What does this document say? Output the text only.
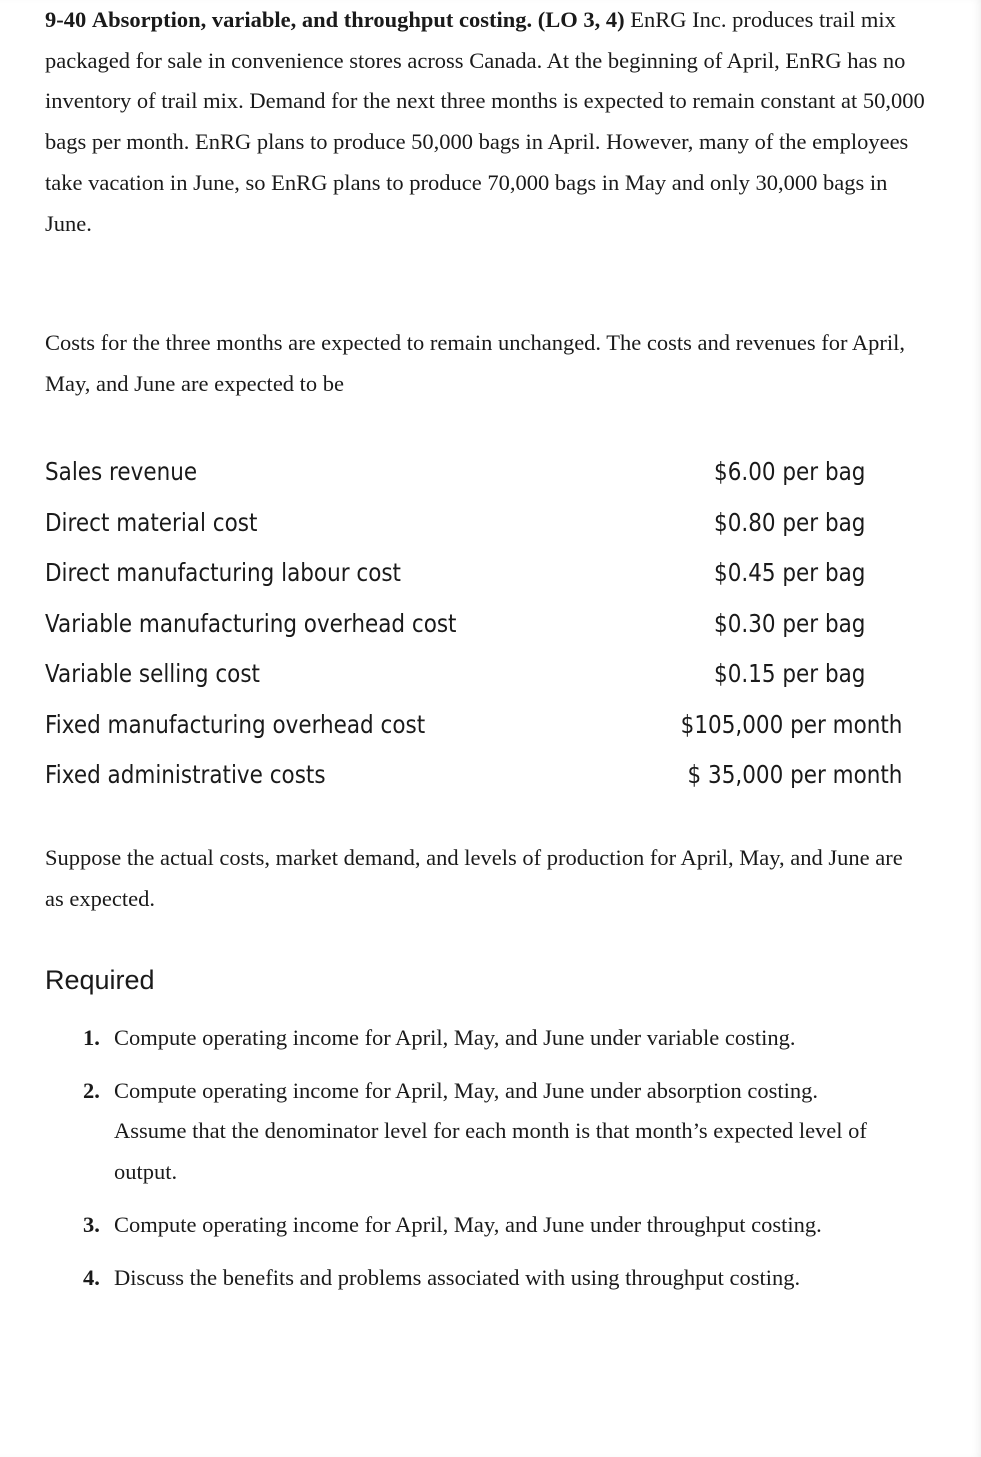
9-40 Absorption, variable, and throughput costing. (LO 3, 4) EnRG Inc. produces trail mix packaged for sale in convenience stores across Canada. At the beginning of April, EnRG has no inventory of trail mix. Demand for the next three months is expected to remain constant at 50,000 bags per month. EnRG plans to produce 50,000 bags in April. However, many of the employees take vacation in June, so EnRG plans to produce 70,000 bags in May and only 30,000 bags in June.

Costs for the three months are expected to remain unchanged. The costs and revenues for April, May, and June are expected to be

Sales revenue	$6.00 per bag
Direct material cost	$0.80 per bag
Direct manufacturing labour cost	$0.45 per bag
Variable manufacturing overhead cost	$0.30 per bag
Variable selling cost	$0.15 per bag
Fixed manufacturing overhead cost	$105,000 per month
Fixed administrative costs	$ 35,000 per month

Suppose the actual costs, market demand, and levels of production for April, May, and June are as expected.

Required
1. Compute operating income for April, May, and June under variable costing.
2. Compute operating income for April, May, and June under absorption costing. Assume that the denominator level for each month is that month’s expected level of output.
3. Compute operating income for April, May, and June under throughput costing.
4. Discuss the benefits and problems associated with using throughput costing.
